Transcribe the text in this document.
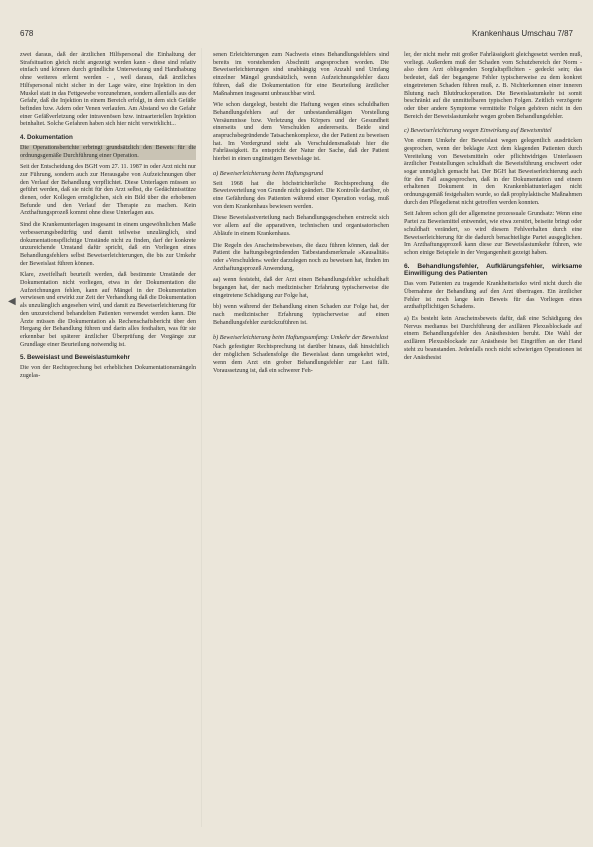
678	Krankenhaus Umschau 7/87
◀

zwei daraus, daß der ärztlichen Hilfspersonal die Einhaltung der Strafsituation gleich nicht angezeigt werden kann - diese sind relativ einfach und können durch gründliche Unterweisung und Handhabung ohne weiteres erlernt werden - , weil daraus, daß ärztliches Hilfspersonal nicht sicher in der Lage wäre, eine Injektion in den Muskel statt in das Fettgewebe vorzunehmen, sondern allenfalls aus der Gefahr, daß die Injektion in einem Bereich erfolgt, in dem sich Gefäße befinden bzw. Adern oder Venen verlaufen. Am Abstand wo die Gefahr einer Gefäßverletzung oder intravenösen bzw. intraarteriellen Injektion beinhaltet. Solche Gefahren haben sich hier nicht verwirklicht...

4. Dokumentation

Die Operationsberichte erbringt grundsätzlich den Beweis für die ordnungsgemäße Durchführung einer Operation.

Seit der Entscheidung des BGH vom 27. 11. 1987 in oder Arzt nicht nur zur Führung, sondern auch zur Herausgabe von Aufzeichnungen über den Verlauf der Behandlung verpflichtet. Diese Unterlagen müssen so geführt werden, daß sie nicht für den Arzt selbst, die Gedächtnisstütze dienen, oder Kollegen ermöglichen, sich ein Bild über die erhobenen Befunde und den Verlauf der Therapie zu machen. Kein Arzthaftungsprozeß kommt ohne diese Unterlagen aus.

Sind die Krankenunterlagen insgesamt in einem ungewöhnlichen Maße verbesserungsbedürftig und damit teilweise unzulänglich, sind dokumentationspflichtige Umstände nicht zu finden, darf der konkrete unzureichende Umstand dafür spricht, daß ein Vorliegen eines Behandlungsfehlers selbst Beweiserleichterungen, die bis zur Umkehr der Beweislast führen können.

Klare, zweifelhaft beurteilt werden, daß bestimmte Umstände der Dokumentation nicht vorliegen, etwa in der Dokumentation die Aufzeichnungen fehlen, kann auf Mängel in der Dokumentation verwiesen und erwirkt zur Zeit der Verhandlung daß die Dokumentation als unzulänglich angesehen wird, und damit zu Beweiserleichterung für den unzureichend behandelten Patienten verwendet werden kann. Die Ärzte müssen die Dokumentation als Rechenschaftsbericht über den Hergang der Behandlung führen und darin alles festhalten, was für sie erkennbar bei späterer ärztlicher Überprüfung der Vorgänge zur Grundlage einer Beurteilung notwendig ist.

5. Beweislast und Beweislastumkehr

Die von der Rechtsprechung bei erheblichen Dokumentationsmängeln zugelas-

senen Erleichterungen zum Nachweis eines Behandlungsfehlers sind bereits im vorstehenden Abschnitt angesprochen worden. Die Beweiserleichterungen sind unabhängig von Anzahl und Umfang einzelner Mängel grundsätzlich, wenn Aufzeichnungsfehler dazu führen, daß die Dokumentation für eine Beurteilung ärztlicher Maßnahmen insgesamt unbrauchbar wird.

Wie schon dargelegt, besteht die Haftung wegen eines schuldhaften Behandlungsfehlers auf der unbestandsmäßigen Vorstellung Versäumnisse bzw. Verletzung des Körpers und der Gesundheit einerseits und dem Verschulden andererseits. Beide sind anspruchsbegründende Tatsachenkomplexe, die der Patient zu beweisen hat. Im Vordergrund steht als Verschuldensmaßstab hier die Fahrlässigkeit. Es entspricht der Natur der Sache, daß der Patient hierbei in einen ungünstigen Beweislage ist.

a) Beweiserleichterung beim Haftungsgrund

Seit 1968 hat die höchstrichterliche Rechtsprechung die Beweisverteilung von Grunde nicht geändert. Die Kontrolle darüber, ob eine Gefährdung des Patienten während einer Operation vorlag, muß von dem Krankenhaus bewiesen werden.

Diese Beweislastverteilung nach Behandlungsgeschehen erstreckt sich vor allem auf die apparativen, technischen und organisatorischen Abläufe in einem Krankenhaus.

Die Regeln des Anscheinsbeweises, die dazu führen können, daß der Patient die haftungsbegründenden Tatbestandsmerkmale »Kausalität« oder »Verschulden« weder darzulegen noch zu beweisen hat, finden im Arzthaftungsprozeß Anwendung,

aa) wenn feststeht, daß der Arzt einen Behandlungsfehler schuldhaft begangen hat, der nach medizinischer Erfahrung typischerweise die eingetretene Schädigung zur Folge hat,

bb) wenn während der Behandlung einen Schaden zur Folge hat, der nach medizinischer Erfahrung typischerweise auf einen Behandlungsfehler zurückzuführen ist.

b) Beweiserleichterung beim Haftungsumfang: Umkehr der Beweislast

Nach gefestigter Rechtsprechung ist darüber hinaus, daß hinsichtlich der möglichen Schadensfolge die Beweislast dann umgekehrt wird, wenn dem Arzt ein grober Behandlungsfehler zur Last fällt. Voraussetzung ist, daß ein schwerer Feh-

ler, der nicht mehr mit großer Fahrlässigkeit gleichgesetzt werden muß, vorliegt. Außerdem muß der Schaden vom Schutzbereich der Norm - also dem Arzt obliegenden Sorgfaltspflichten - gedeckt sein; das bedeutet, daß der begangene Fehler typischerweise zu dem konkret eingetretenen Schaden führen muß, z. B. Nichterkennen einer inneren Blutung nach Blutdruckoperation. Die Beweislastumkehr ist somit beschränkt auf die unmittelbaren typischen Folgen. Zeitlich verzögerte oder über andere Symptome vermittelte Folgen gehören nicht in den Bereich der Beweislastumkehr wegen groben Behandlungsfehler.

c) Beweiserleichterung wegen Einwirkung auf Beweismittel

Von einem Umkehr der Beweislast wegen gelegentlich ausdrücken gesprochen, wenn der beklagte Arzt dem klagenden Patienten durch Vereitelung von Beweismitteln oder pflichtwidriges Unterlassen ärztlicher Feststellungen schuldhaft die Beweisführung erschwert oder sogar unmöglich gemacht hat. Der BGH hat Beweiserleichterung auch für den Fall ausgesprochen, daß in der Dokumentation und einem erhaltenen Dokument in den Krankenblattunterlagen nicht ordnungsgemäß festgehalten wurde, so daß prophylaktische Maßnahmen durch den Pflegedienst nicht getroffen werden konnten.

Seit Jahren schon gilt der allgemeine prozessuale Grundsatz: Wenn eine Partei zu Beweismittel entwendet, wie etwa zerstört, beiseite bringt oder schuldhaft verändert, so wird diesem Fehlverhalten durch eine Beweiserleichterung für die dadurch benachteiligte Partei ausgeglichen. Im Arzthaftungsprozeß kann diese zur Beweislastumkehr führen, wie schon einige Beispiele in der Vergangenheit gezeigt haben.

6. Behandlungsfehler, Aufklärungsfehler, wirksame Einwilligung des Patienten

Das vom Patienten zu tragende Krankheitsrisiko wird nicht durch die Übernahme der Behandlung auf den Arzt übertragen. Ein ärztlicher Fehler ist noch lange kein Beweis für das Vorliegen eines arzthaftpflichtigen Schadens.

a) Es besteht kein Anscheinsbeweis dafür, daß eine Schädigung des Nervus medianus bei Durchführung der axillären Plexusblockade auf einem Behandlungsfehler des Anästhesisten beruht. Die Wahl der axillären Plexusblockade zur Anästhesie bei Eingriffen an der Hand steht zu beanstanden. Jedenfalls noch nicht schwierigen Operationen ist der Anästhesist
